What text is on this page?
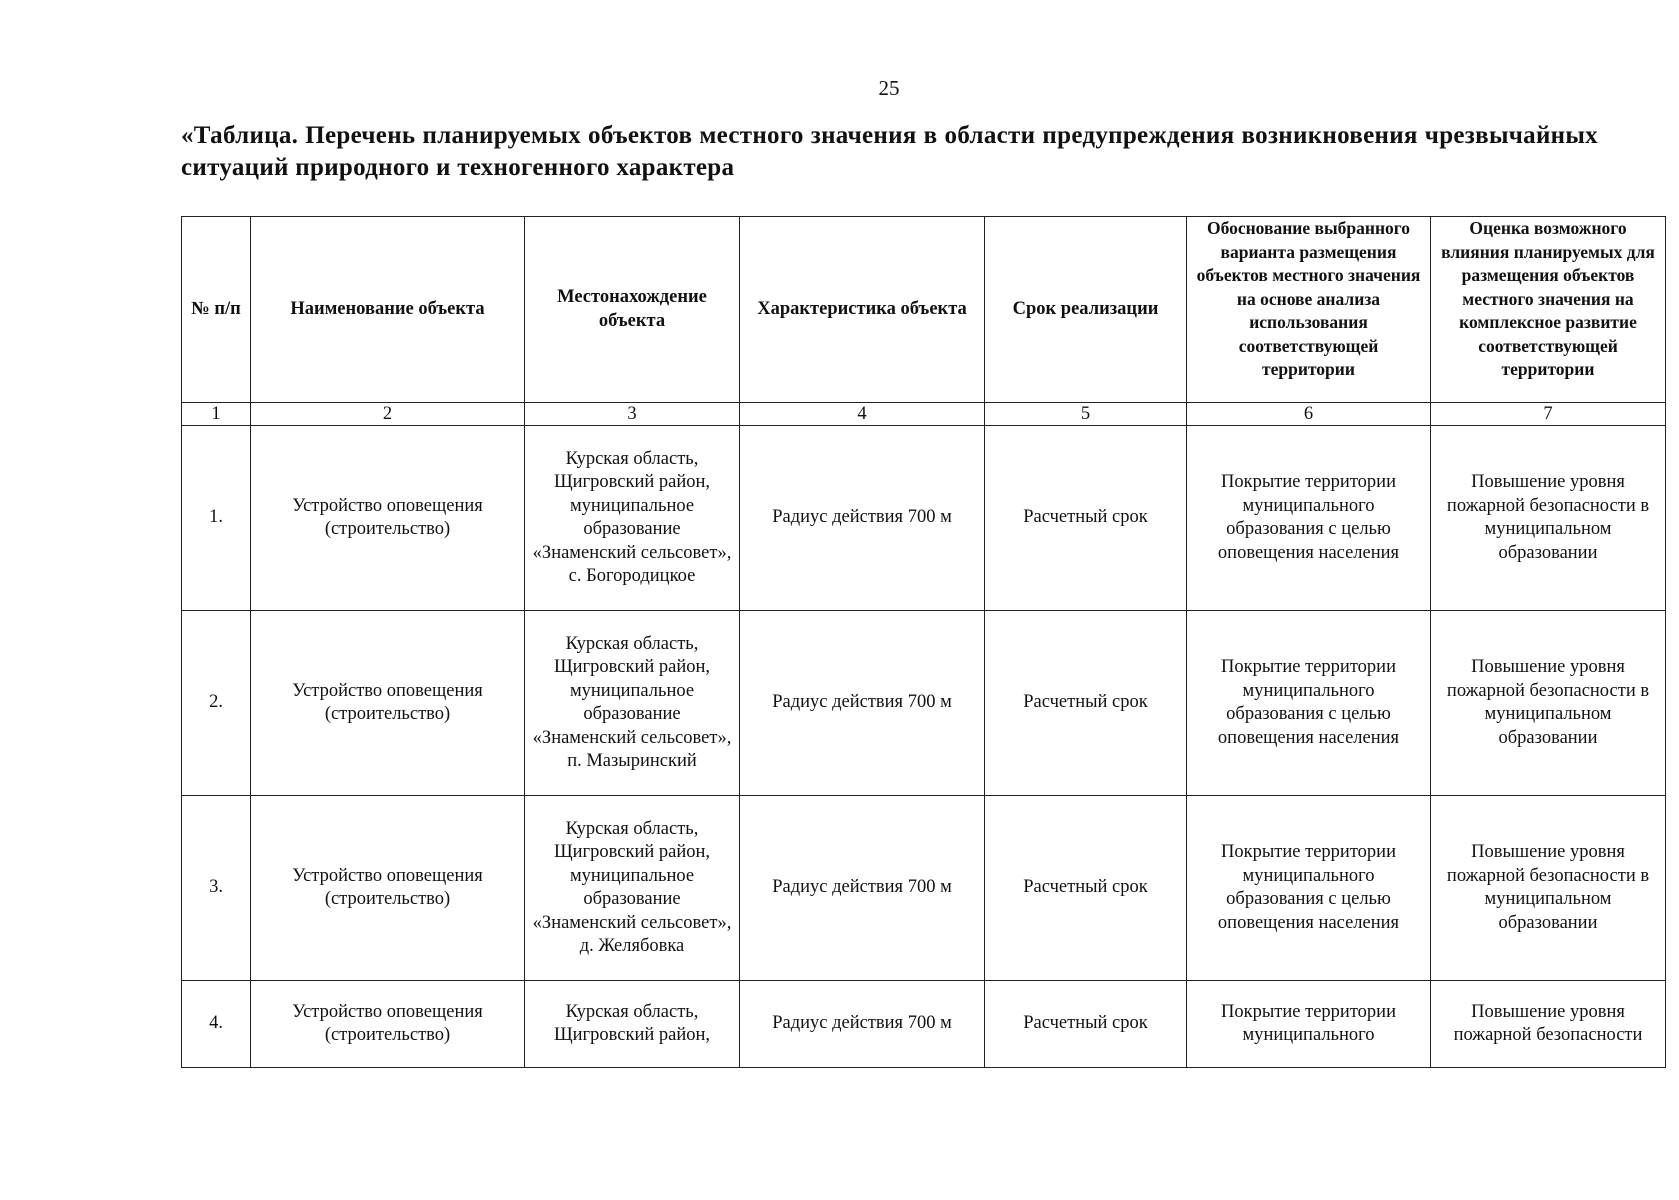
25
«Таблица. Перечень планируемых объектов местного значения в области предупреждения возникновения чрезвычайных ситуаций природного и техногенного характера
№ п/п	Наименование объекта	Местонахождение объекта	Характеристика объекта	Срок реализации	Обоснование выбранного варианта размещения объектов местного значения на основе анализа использования соответствующей территории	Оценка возможного влияния планируемых для размещения объектов местного значения на комплексное развитие соответствующей территории
1	2	3	4	5	6	7
1.	Устройство оповещения (строительство)	Курская область, Щигровский район, муниципальное образование «Знаменский сельсовет», с. Богородицкое	Радиус действия 700 м	Расчетный срок	Покрытие территории муниципального образования с целью оповещения населения	Повышение уровня пожарной безопасности в муниципальном образовании
2.	Устройство оповещения (строительство)	Курская область, Щигровский район, муниципальное образование «Знаменский сельсовет», п. Мазыринский	Радиус действия 700 м	Расчетный срок	Покрытие территории муниципального образования с целью оповещения населения	Повышение уровня пожарной безопасности в муниципальном образовании
3.	Устройство оповещения (строительство)	Курская область, Щигровский район, муниципальное образование «Знаменский сельсовет», д. Желябовка	Радиус действия 700 м	Расчетный срок	Покрытие территории муниципального образования с целью оповещения населения	Повышение уровня пожарной безопасности в муниципальном образовании
4.	Устройство оповещения (строительство)	Курская область, Щигровский район,	Радиус действия 700 м	Расчетный срок	Покрытие территории муниципального	Повышение уровня пожарной безопасности
